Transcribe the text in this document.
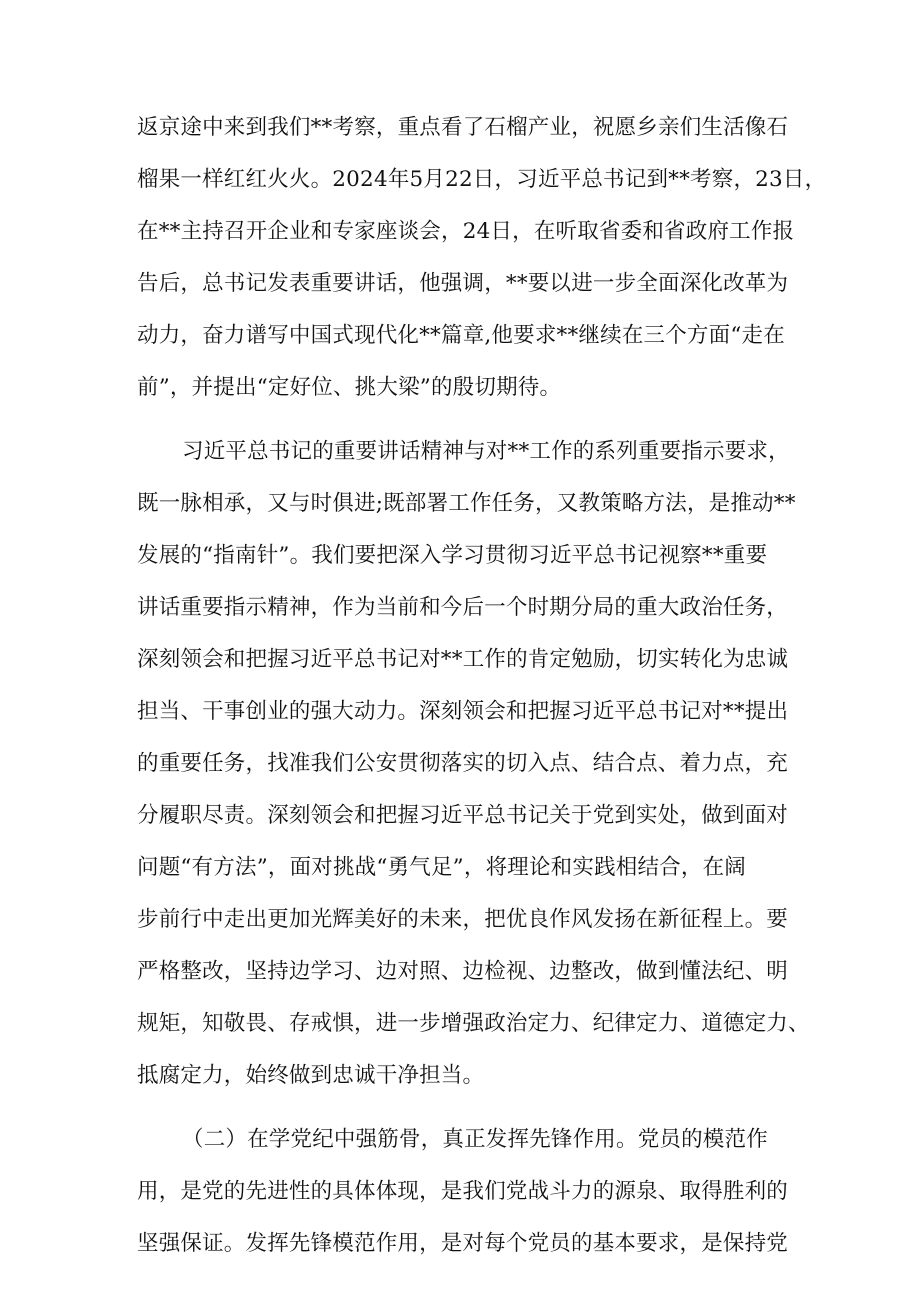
返京途中来到我们**考察，重点看了石榴产业，祝愿乡亲们生活像石
榴果一样红红火火。2024年5月22日，习近平总书记到**考察，23日，
在**主持召开企业和专家座谈会，24日，在听取省委和省政府工作报
告后，总书记发表重要讲话，他强调，**要以进一步全面深化改革为
动力，奋力谱写中国式现代化**篇章,他要求**继续在三个方面“走在
前”，并提出“定好位、挑大梁”的殷切期待。
习近平总书记的重要讲话精神与对**工作的系列重要指示要求，
既一脉相承，又与时俱进;既部署工作任务，又教策略方法，是推动**
发展的“指南针”。我们要把深入学习贯彻习近平总书记视察**重要
讲话重要指示精神，作为当前和今后一个时期分局的重大政治任务，
深刻领会和把握习近平总书记对**工作的肯定勉励，切实转化为忠诚
担当、干事创业的强大动力。深刻领会和把握习近平总书记对**提出
的重要任务，找准我们公安贯彻落实的切入点、结合点、着力点，充
分履职尽责。深刻领会和把握习近平总书记关于党到实处，做到面对
问题“有方法”，面对挑战“勇气足”，将理论和实践相结合，在阔
步前行中走出更加光辉美好的未来，把优良作风发扬在新征程上。要
严格整改，坚持边学习、边对照、边检视、边整改，做到懂法纪、明
规矩，知敬畏、存戒惧，进一步增强政治定力、纪律定力、道德定力、
抵腐定力，始终做到忠诚干净担当。
（二）在学党纪中强筋骨，真正发挥先锋作用。党员的模范作
用，是党的先进性的具体体现，是我们党战斗力的源泉、取得胜利的
坚强保证。发挥先锋模范作用，是对每个党员的基本要求，是保持党
